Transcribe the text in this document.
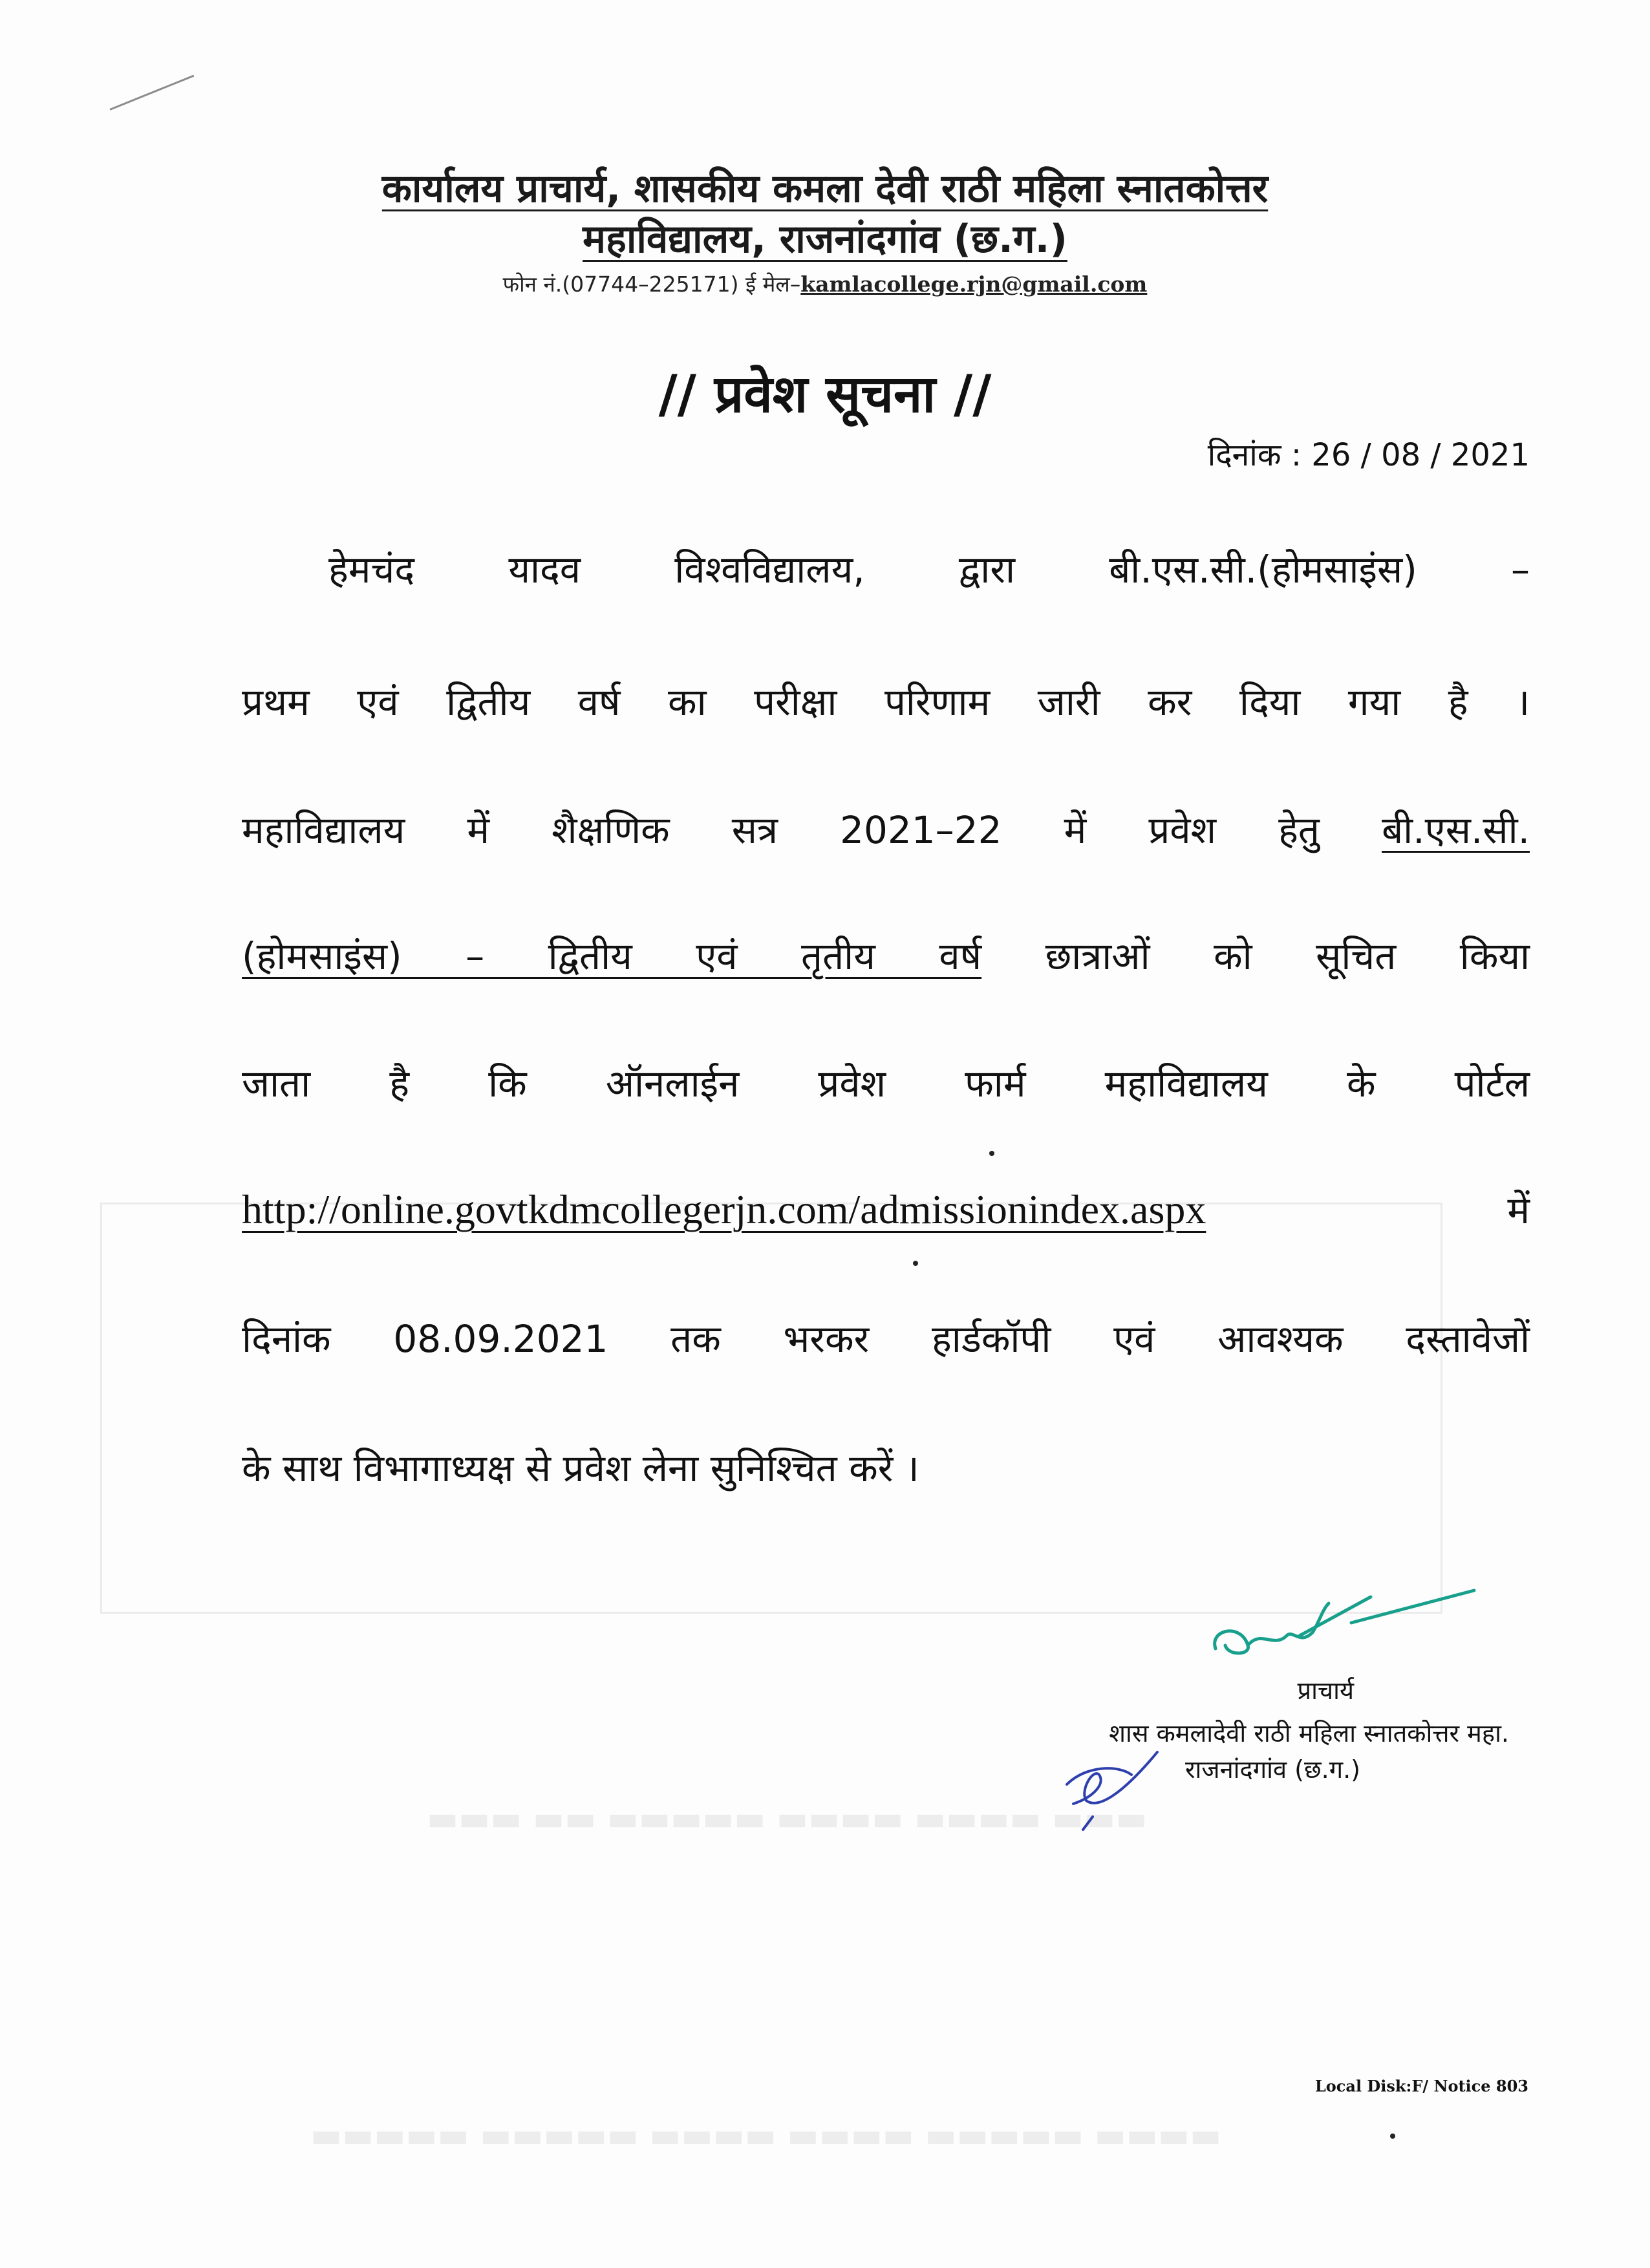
▬▬▬ ▬▬▬▬ ▬▬▬▬ ▬▬▬▬▬ ▬▬ ▬▬▬
▬▬▬▬ ▬▬▬▬▬ ▬▬▬▬ ▬▬▬▬ ▬▬▬▬▬ ▬▬▬▬▬
कार्यालय प्राचार्य, शासकीय कमला देवी राठी महिला स्नातकोत्तर
महाविद्यालय, राजनांदगांव (छ.ग.)
फोन नं.(07744–225171) ई मेल–kamlacollege.rjn@gmail.com
// प्रवेश सूचना //
दिनांक : 26 / 08 / 2021
हेमचंद	यादव	विश्वविद्यालय,	द्वारा	बी.एस.सी.(होमसाइंस)	–
प्रथम एवं द्वितीय वर्ष का परीक्षा परिणाम जारी कर दिया गया है ।
महाविद्यालय में शैक्षणिक सत्र 2021–22 में प्रवेश हेतु बी.एस.सी.
(होमसाइंस) – द्वितीय एवं तृतीय वर्ष छात्राओं को सूचित किया
जाता है कि ऑनलाईन प्रवेश फार्म महाविद्यालय के पोर्टल
http://online.govtkdmcollegerjn.com/admissionindex.aspx	में
दिनांक 08.09.2021 तक भरकर हार्डकॉपी एवं आवश्यक दस्तावेजों
के साथ विभागाध्यक्ष से प्रवेश लेना सुनिश्चित करें ।
प्राचार्य
शास कमलादेवी राठी महिला स्नातकोत्तर महा.
राजनांदगांव (छ.ग.)
Local Disk:F/ Notice 803
